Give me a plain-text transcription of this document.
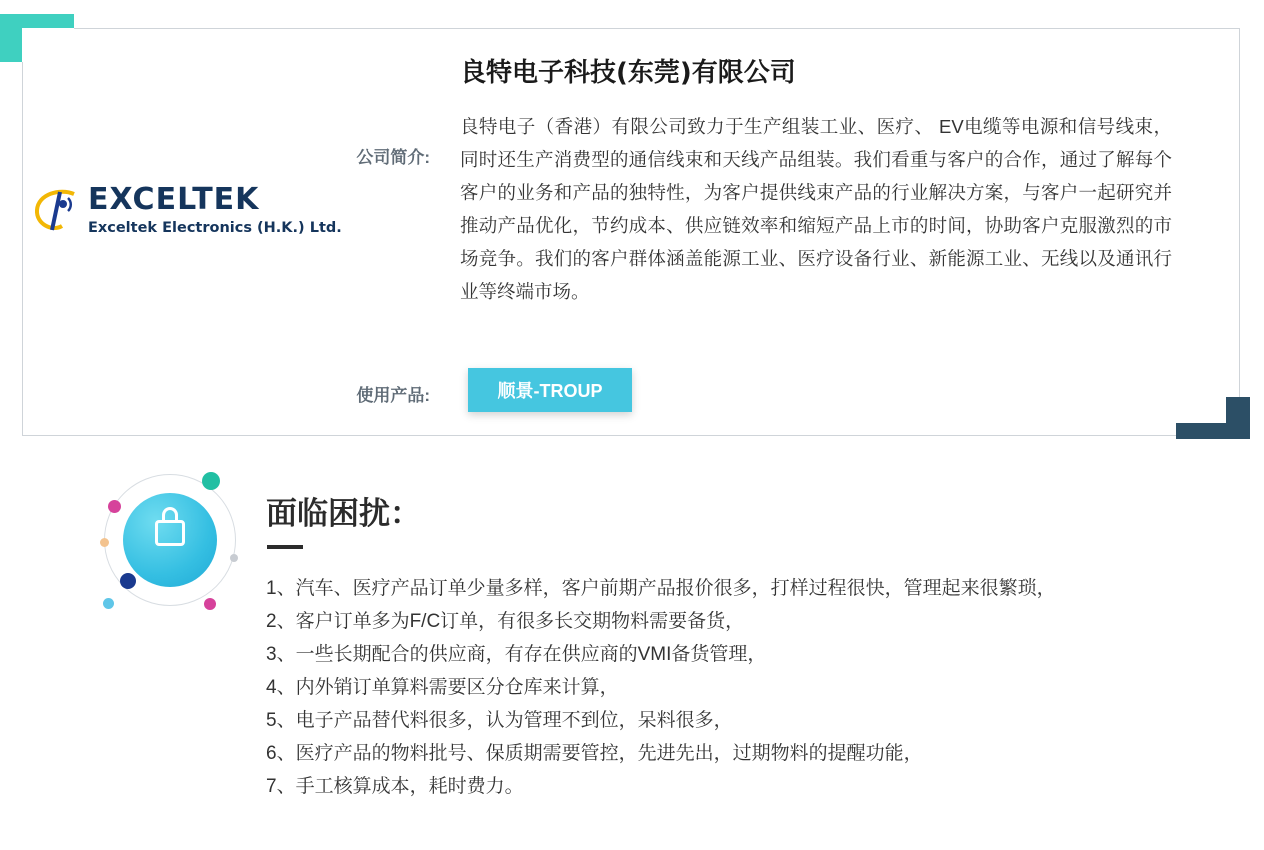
EXCELTEK
Exceltek Electronics (H.K.) Ltd.
良特电子科技(东莞)有限公司
公司简介:
良特电子（香港）有限公司致力于生产组装工业、医疗、 EV电缆等电源和信号线束，同时还生产消费型的通信线束和天线产品组装。我们看重与客户的合作，通过了解每个客户的业务和产品的独特性，为客户提供线束产品的行业解决方案，与客户一起研究并推动产品优化，节约成本、供应链效率和缩短产品上市的时间，协助客户克服激烈的市场竞争。我们的客户群体涵盖能源工业、医疗设备行业、新能源工业、无线以及通讯行业等终端市场。
使用产品:	顺景-TROUP
面临困扰：

1、汽车、医疗产品订单少量多样，客户前期产品报价很多，打样过程很快，管理起来很繁琐，

2、客户订单多为F/C订单，有很多长交期物料需要备货，

3、一些长期配合的供应商，有存在供应商的VMI备货管理，

4、内外销订单算料需要区分仓库来计算，

5、电子产品替代料很多，认为管理不到位，呆料很多，

6、医疗产品的物料批号、保质期需要管控，先进先出，过期物料的提醒功能，

7、手工核算成本，耗时费力。
